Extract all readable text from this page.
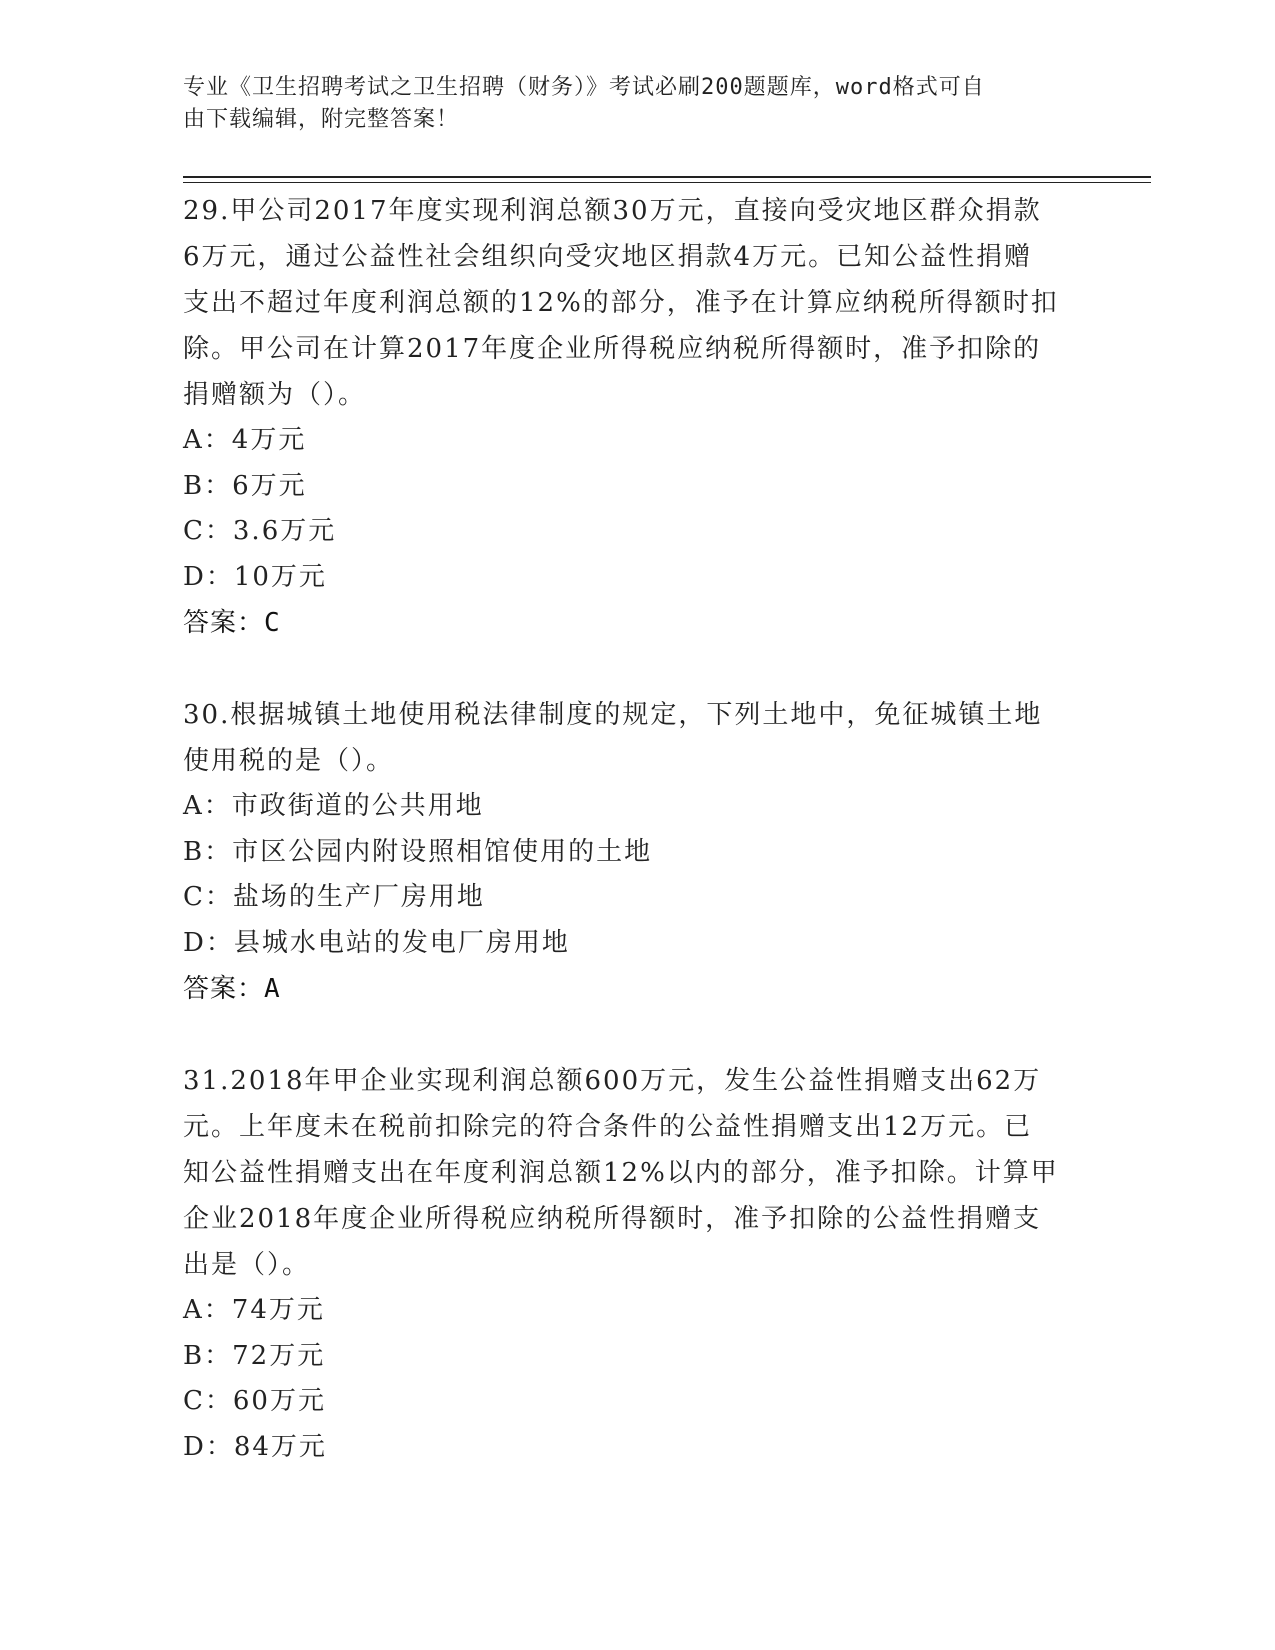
专业《卫生招聘考试之卫生招聘（财务）》考试必刷200题题库，word格式可自
由下载编辑，附完整答案！
29.甲公司2017年度实现利润总额30万元，直接向受灾地区群众捐款
6万元，通过公益性社会组织向受灾地区捐款4万元。已知公益性捐赠
支出不超过年度利润总额的12%的部分，准予在计算应纳税所得额时扣
除。甲公司在计算2017年度企业所得税应纳税所得额时，准予扣除的
捐赠额为（）。
A：4万元
B：6万元
C：3.6万元
D：10万元
答案：C
30.根据城镇土地使用税法律制度的规定，下列土地中，免征城镇土地
使用税的是（）。
A：市政街道的公共用地
B：市区公园内附设照相馆使用的土地
C：盐场的生产厂房用地
D：县城水电站的发电厂房用地
答案：A
31.2018年甲企业实现利润总额600万元，发生公益性捐赠支出62万
元。上年度未在税前扣除完的符合条件的公益性捐赠支出12万元。已
知公益性捐赠支出在年度利润总额12%以内的部分，准予扣除。计算甲
企业2018年度企业所得税应纳税所得额时，准予扣除的公益性捐赠支
出是（）。
A：74万元
B：72万元
C：60万元
D：84万元
